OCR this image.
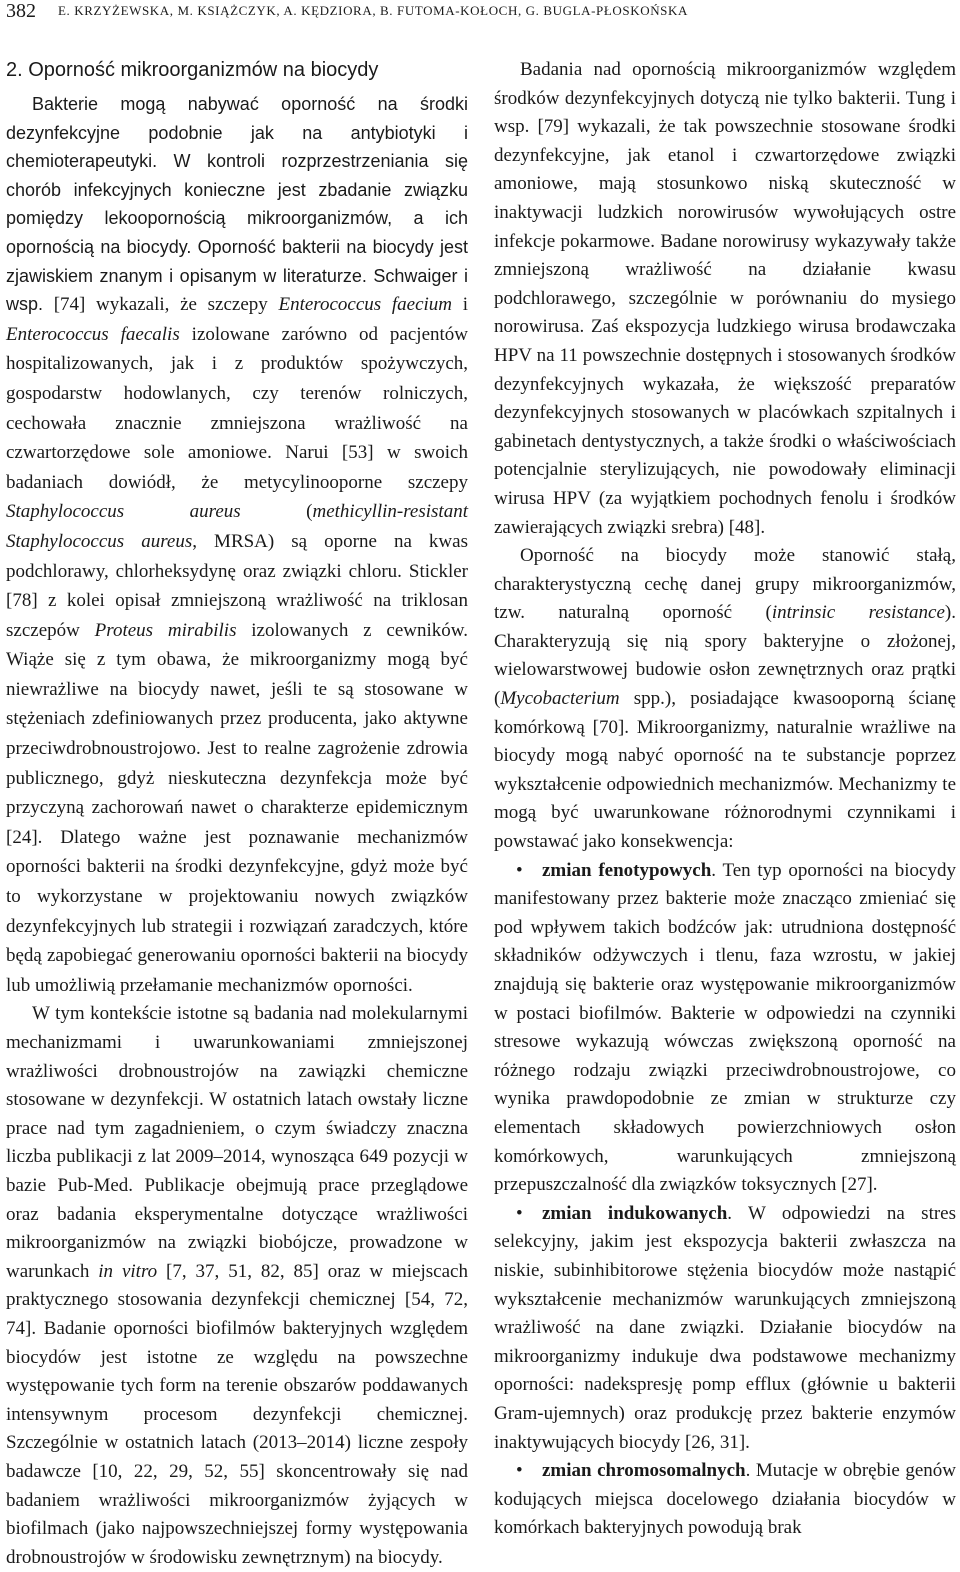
382 E. KRZYŻEWSKA, M. KSIĄŻCZYK, A. KĘDZIORA, B. FUTOMA-KOŁOCH, G. BUGLA-PŁOSKOŃSKA
2. Oporność mikroorganizmów na biocydy

Bakterie mogą nabywać oporność na środki dezynfekcyjne podobnie jak na antybiotyki i chemioterapeutyki. W kontroli rozprzestrzeniania się chorób infekcyjnych konieczne jest zbadanie związku pomiędzy lekoopornością mikroorganizmów, a ich opornością na biocydy. Oporność bakterii na biocydy jest zjawiskiem znanym i opisanym w literaturze. Schwaiger i wsp. [74] wykazali, że szczepy Enterococcus faecium i Enterococcus faecalis izolowane zarówno od pacjentów hospitalizowanych, jak i z produktów spożywczych, gospodarstw hodowlanych, czy terenów rolniczych, cechowała znacznie zmniejszona wrażliwość na czwartorzędowe sole amoniowe. Narui [53] w swoich badaniach dowiódł, że metycylinooporne szczepy Staphylococcus aureus (methicyllin-resistant Staphylococcus aureus, MRSA) są oporne na kwas podchlorawy, chlorheksydynę oraz związki chloru. Stickler [78] z kolei opisał zmniejszoną wrażliwość na triklosan szczepów Proteus mirabilis izolowanych z cewników. Wiąże się z tym obawa, że mikroorganizmy mogą być niewrażliwe na biocydy nawet, jeśli te są stosowane w stężeniach zdefiniowanych przez producenta, jako aktywne przeciwdrobnoustrojowo. Jest to realne zagrożenie zdrowia publicznego, gdyż nieskuteczna dezynfekcja może być przyczyną zachorowań nawet o charakterze epidemicznym [24]. Dlatego ważne jest poznawanie mechanizmów oporności bakterii na środki dezynfekcyjne, gdyż może być to wykorzystane w projektowaniu nowych związków dezynfekcyjnych lub strategii i rozwiązań zaradczych, które będą zapobiegać generowaniu oporności bakterii na biocydy lub umożliwią przełamanie mechanizmów oporności.

W tym kontekście istotne są badania nad molekularnymi mechanizmami i uwarunkowaniami zmniejszonej wrażliwości drobnoustrojów na zawiązki chemiczne stosowane w dezynfekcji. W ostatnich latach owstały liczne prace nad tym zagadnieniem, o czym świadczy znaczna liczba publikacji z lat 2009–2014, wynosząca 649 pozycji w bazie Pub-Med. Publikacje obejmują prace przeglądowe oraz badania eksperymentalne dotyczące wrażliwości mikroorganizmów na związki biobójcze, prowadzone w warunkach in vitro [7, 37, 51, 82, 85] oraz w miejscach praktycznego stosowania dezynfekcji chemicznej [54, 72, 74]. Badanie oporności biofilmów bakteryjnych względem biocydów jest istotne ze względu na powszechne występowanie tych form na terenie obszarów poddawanych intensywnym procesom dezynfekcji chemicznej. Szczególnie w ostatnich latach (2013–2014) liczne zespoły badawcze [10, 22, 29, 52, 55] skoncentrowały się nad badaniem wrażliwości mikroorganizmów żyjących w biofilmach (jako najpowszechniejszej formy występowania drobnoustrojów w środowisku zewnętrznym) na biocydy.

Badania nad opornością mikroorganizmów względem środków dezynfekcyjnych dotyczą nie tylko bakterii. Tung i wsp. [79] wykazali, że tak powszechnie stosowane środki dezynfekcyjne, jak etanol i czwartorzędowe związki amoniowe, mają stosunkowo niską skuteczność w inaktywacji ludzkich norowirusów wywołujących ostre infekcje pokarmowe. Badane norowirusy wykazywały także zmniejszoną wrażliwość na działanie kwasu podchlorawego, szczególnie w porównaniu do mysiego norowirusa. Zaś ekspozycja ludzkiego wirusa brodawczaka HPV na 11 powszechnie dostępnych i stosowanych środków dezynfekcyjnych wykazała, że większość preparatów dezynfekcyjnych stosowanych w placówkach szpitalnych i gabinetach dentystycznych, a także środki o właściwościach potencjalnie sterylizujących, nie powodowały eliminacji wirusa HPV (za wyjątkiem pochodnych fenolu i środków zawierających związki srebra) [48].

Oporność na biocydy może stanowić stałą, charakterystyczną cechę danej grupy mikroorganizmów, tzw. naturalną oporność (intrinsic resistance). Charakteryzują się nią spory bakteryjne o złożonej, wielowarstwowej budowie osłon zewnętrznych oraz prątki (Mycobacterium spp.), posiadające kwasooporną ścianę komórkową [70]. Mikroorganizmy, naturalnie wrażliwe na biocydy mogą nabyć oporność na te substancje poprzez wykształcenie odpowiednich mechanizmów. Mechanizmy te mogą być uwarunkowane różnorodnymi czynnikami i powstawać jako konsekwencja:

• zmian fenotypowych. Ten typ oporności na biocydy manifestowany przez bakterie może znacząco zmieniać się pod wpływem takich bodźców jak: utrudniona dostępność składników odżywczych i tlenu, faza wzrostu, w jakiej znajdują się bakterie oraz występowanie mikroorganizmów w postaci biofilmów. Bakterie w odpowiedzi na czynniki stresowe wykazują wówczas zwiększoną oporność na różnego rodzaju związki przeciwdrobnoustrojowe, co wynika prawdopodobnie ze zmian w strukturze czy elementach składowych powierzchniowych osłon komórkowych, warunkujących zmniejszoną przepuszczalność dla związków toksycznych [27].
• zmian indukowanych. W odpowiedzi na stres selekcyjny, jakim jest ekspozycja bakterii zwłaszcza na niskie, subinhibitorowe stężenia biocydów może nastąpić wykształcenie mechanizmów warunkujących zmniejszoną wrażliwość na dane związki. Działanie biocydów na mikroorganizmy indukuje dwa podstawowe mechanizmy oporności: nadekspresję pomp efflux (głównie u bakterii Gram-ujemnych) oraz produkcję przez bakterie enzymów inaktywujących biocydy [26, 31].
• zmian chromosomalnych. Mutacje w obrębie genów kodujących miejsca docelowego działania biocydów w komórkach bakteryjnych powodują brak
